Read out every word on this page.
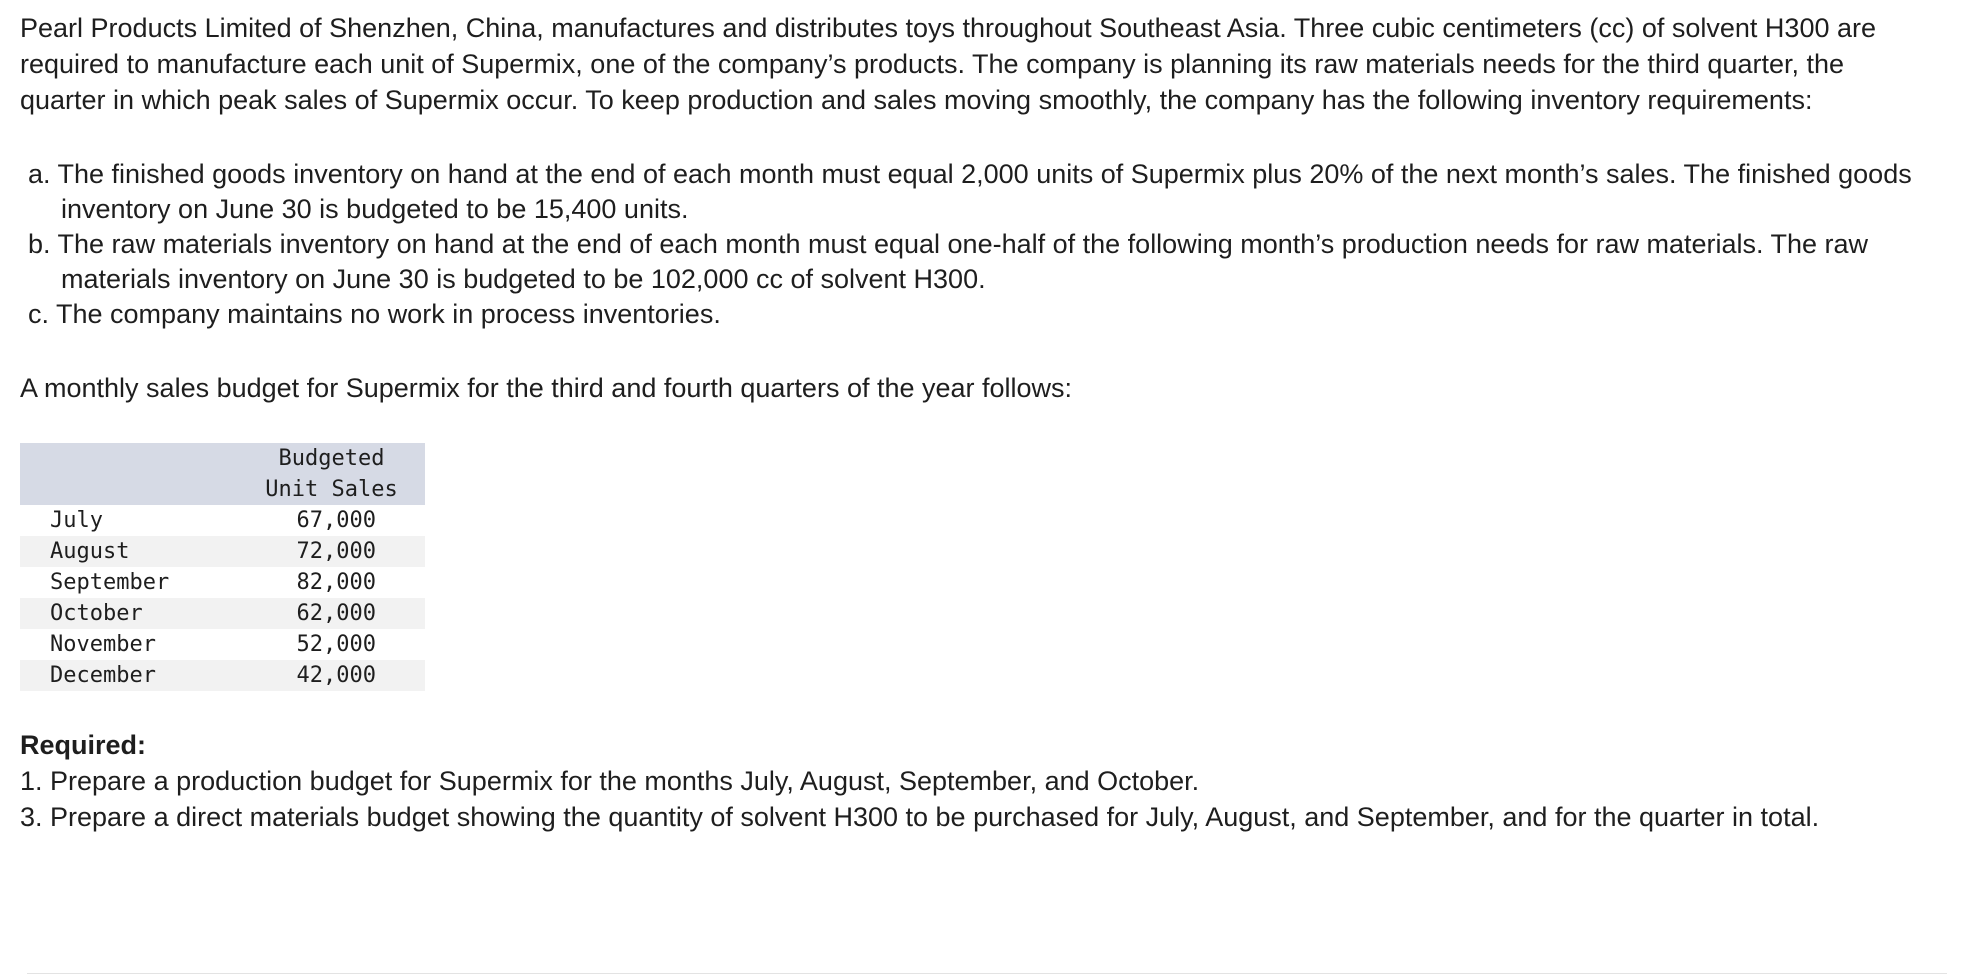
Pearl Products Limited of Shenzhen, China, manufactures and distributes toys throughout Southeast Asia. Three cubic centimeters (cc) of solvent H300 are required to manufacture each unit of Supermix, one of the company’s products. The company is planning its raw materials needs for the third quarter, the quarter in which peak sales of Supermix occur. To keep production and sales moving smoothly, the company has the following inventory requirements:

a. The finished goods inventory on hand at the end of each month must equal 2,000 units of Supermix plus 20% of the next month’s sales. The finished goods inventory on June 30 is budgeted to be 15,400 units.
b. The raw materials inventory on hand at the end of each month must equal one-half of the following month’s production needs for raw materials. The raw materials inventory on June 30 is budgeted to be 102,000 cc of solvent H300.
c. The company maintains no work in process inventories.

A monthly sales budget for Supermix for the third and fourth quarters of the year follows:

	Budgeted
Unit Sales
July	67,000
August	72,000
September	82,000
October	62,000
November	52,000
December	42,000

Required:

1. Prepare a production budget for Supermix for the months July, August, September, and October.

3. Prepare a direct materials budget showing the quantity of solvent H300 to be purchased for July, August, and September, and for the quarter in total.
